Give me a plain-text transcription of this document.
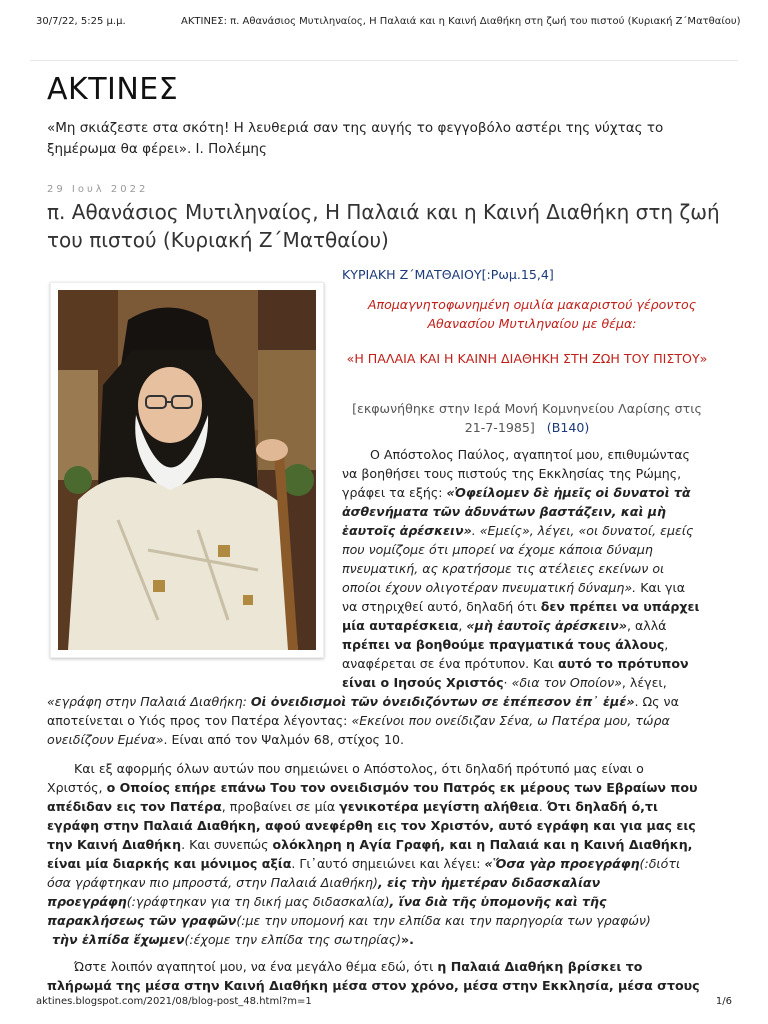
30/7/22, 5:25 μ.μ.	ΑΚΤΙΝΕΣ: π. Αθανάσιος Μυτιληναίος, Η Παλαιά και η Καινή Διαθήκη στη ζωή του πιστού (Κυριακή Ζ΄Ματθαίου)
ΑΚΤΙΝΕΣ
«Μη σκιάζεστε στα σκότη! Η λευθεριά σαν της αυγής το φεγγοβόλο αστέρι της νύχτας το ξημέρωμα θα φέρει». Ι. Πολέμης
29 Ιουλ 2022
π. Αθανάσιος Μυτιληναίος, Η Παλαιά και η Καινή Διαθήκη στη ζωή του πιστού (Κυριακή Ζ΄Ματθαίου)
ΚΥΡΙΑΚΗ Ζ΄ΜΑΤΘΑΙΟΥ[:Ρωμ.15,4]
Απομαγνητοφωνημένη ομιλία μακαριστού γέροντος Αθανασίου Μυτιληναίου με θέμα:
«Η ΠΑΛΑΙΑ ΚΑΙ Η ΚΑΙΝΗ ΔΙΑΘΗΚΗ ΣΤΗ ΖΩΗ ΤΟΥ ΠΙΣΤΟΥ»
[εκφωνήθηκε στην Ιερά Μονή Κομνηνείου Λαρίσης στις 21-7-1985] (Β140)
Ο Απόστολος Παύλος, αγαπητοί μου, επιθυμώντας
να βοηθήσει τους πιστούς της Εκκλησίας της Ρώμης,
γράφει τα εξής: «Ὀφείλομεν δὲ ἡμεῖς οἱ δυνατοὶ τὰ
ἀσθενήματα τῶν ἀδυνάτων βαστάζειν, καὶ μὴ
ἑαυτοῖς ἀρέσκειν». «Εμείς», λέγει, «οι δυνατοί, εμείς
που νομίζομε ότι μπορεί να έχομε κάποια δύναμη
πνευματική, ας κρατήσομε τις ατέλειες εκείνων οι
οποίοι έχουν ολιγοτέραν πνευματική δύναμη». Και για
να στηριχθεί αυτό, δηλαδή ότι δεν πρέπει να υπάρχει
μία αυταρέσκεια, «μὴ ἑαυτοῖς ἀρέσκειν», αλλά
πρέπει να βοηθούμε πραγματικά τους άλλους,
αναφέρεται σε ένα πρότυπον. Και αυτό το πρότυπον
είναι ο Ιησούς Χριστός· «δια τον Οποίον», λέγει,
«εγράφη στην Παλαιά Διαθήκη: Οἱ ὀνειδισμοὶ τῶν ὀνειδιζόντων σε ἐπέπεσον ἐπ᾿ ἐμέ». Ως να
αποτείνεται ο Υιός προς τον Πατέρα λέγοντας: «Εκείνοι που ονείδιζαν Σένα, ω Πατέρα μου, τώρα
ονειδίζουν Εμένα». Είναι από τον Ψαλμόν 68, στίχος 10.
Και εξ αφορμής όλων αυτών που σημειώνει ο Απόστολος, ότι δηλαδή πρότυπό μας είναι ο
Χριστός, ο Οποίος επήρε επάνω Του τον ονειδισμόν του Πατρός εκ μέρους των Εβραίων που
απέδιδαν εις τον Πατέρα, προβαίνει σε μία γενικοτέρα μεγίστη αλήθεια. Ότι δηλαδή ό,τι
εγράφη στην Παλαιά Διαθήκη, αφού ανεφέρθη εις τον Χριστόν, αυτό εγράφη και για μας εις
την Καινή Διαθήκη. Και συνεπώς ολόκληρη η Αγία Γραφή, και η Παλαιά και η Καινή Διαθήκη,
είναι μία διαρκής και μόνιμος αξία. Γι᾿αυτό σημειώνει και λέγει: «Ὅσα γὰρ προεγράφη(:διότι
όσα γράφτηκαν πιο μπροστά, στην Παλαιά Διαθήκη), εἰς τὴν ἡμετέραν διδασκαλίαν
προεγράφη(:γράφτηκαν για τη δική μας διδασκαλία), ἵνα διὰ τῆς ὑπομονῆς καὶ τῆς
παρακλήσεως τῶν γραφῶν(:με την υπομονή και την ελπίδα και την παρηγορία των γραφών)
τὴν ἐλπίδα ἔχωμεν(:έχομε την ελπίδα της σωτηρίας)».
Ώστε λοιπόν αγαπητοί μου, να ένα μεγάλο θέμα εδώ, ότι η Παλαιά Διαθήκη βρίσκει το
πλήρωμά της μέσα στην Καινή Διαθήκη μέσα στον χρόνο, μέσα στην Εκκλησία, μέσα στους
aktines.blogspot.com/2021/08/blog-post_48.html?m=1	1/6
